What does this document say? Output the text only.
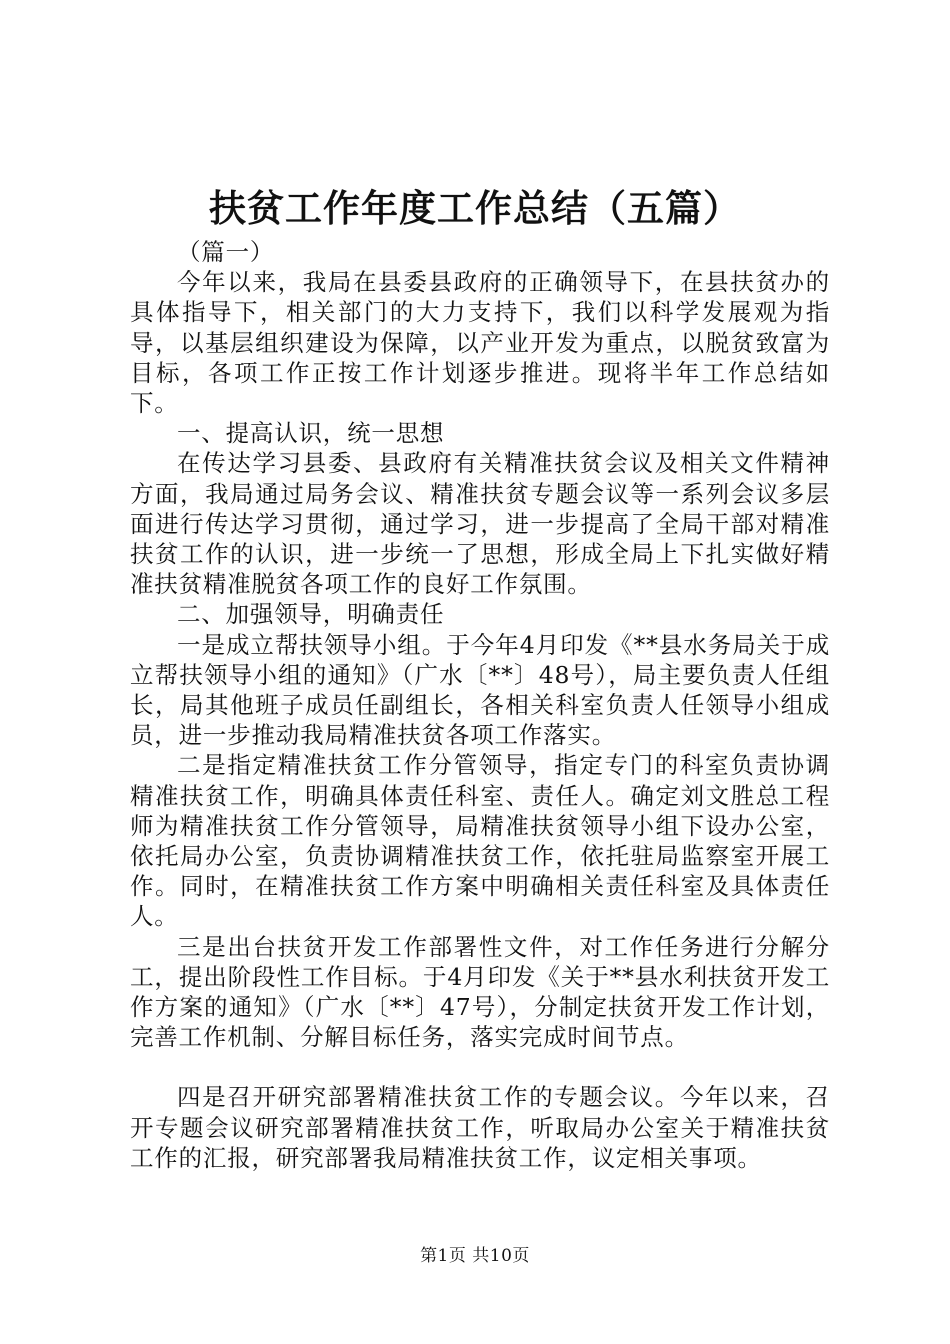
扶贫工作年度工作总结（五篇）

（篇一）

今年以来，我局在县委县政府的正确领导下，在县扶贫办的具体指导下，相关部门的大力支持下，我们以科学发展观为指导，以基层组织建设为保障，以产业开发为重点，以脱贫致富为目标，各项工作正按工作计划逐步推进。现将半年工作总结如下。

一、提高认识，统一思想

在传达学习县委、县政府有关精准扶贫会议及相关文件精神方面，我局通过局务会议、精准扶贫专题会议等一系列会议多层面进行传达学习贯彻，通过学习，进一步提高了全局干部对精准扶贫工作的认识，进一步统一了思想，形成全局上下扎实做好精准扶贫精准脱贫各项工作的良好工作氛围。

二、加强领导，明确责任

一是成立帮扶领导小组。于今年4月印发《**县水务局关于成立帮扶领导小组的通知》（广水〔**〕48号），局主要负责人任组长，局其他班子成员任副组长，各相关科室负责人任领导小组成员，进一步推动我局精准扶贫各项工作落实。

二是指定精准扶贫工作分管领导，指定专门的科室负责协调精准扶贫工作，明确具体责任科室、责任人。确定刘文胜总工程师为精准扶贫工作分管领导，局精准扶贫领导小组下设办公室，依托局办公室，负责协调精准扶贫工作，依托驻局监察室开展工作。同时，在精准扶贫工作方案中明确相关责任科室及具体责任人。

三是出台扶贫开发工作部署性文件，对工作任务进行分解分工，提出阶段性工作目标。于4月印发《关于**县水利扶贫开发工作方案的通知》（广水〔**〕47号），分制定扶贫开发工作计划，完善工作机制、分解目标任务，落实完成时间节点。

四是召开研究部署精准扶贫工作的专题会议。今年以来，召开专题会议研究部署精准扶贫工作，听取局办公室关于精准扶贫工作的汇报，研究部署我局精准扶贫工作，议定相关事项。

第1页 共10页
